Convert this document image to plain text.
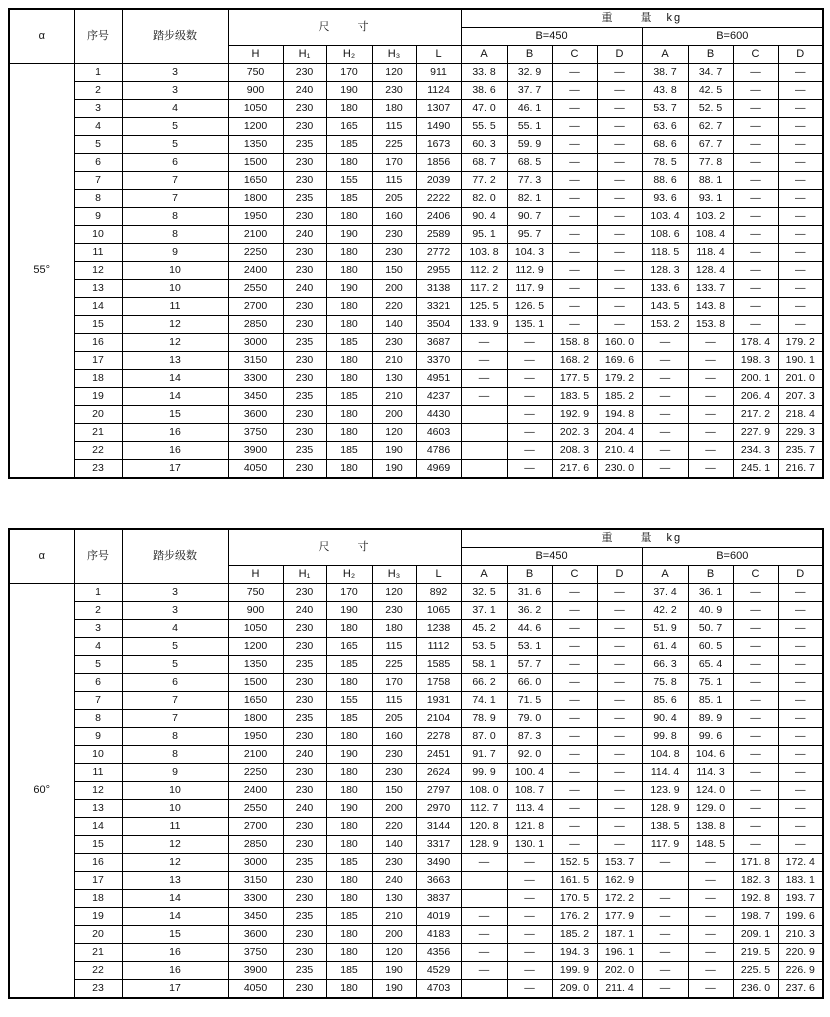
α	序号	踏步级数	尺　　寸					重　　量　kg							
								B=450				B=600			
			H	H₁	H₂	H₃	L	A	B	C	D	A	B	C	D
55°	1	3	750	230	170	120	911	33. 8	32. 9	—	—	38. 7	34. 7	—	—
	2	3	900	240	190	230	1124	38. 6	37. 7	—	—	43. 8	42. 5	—	—
	3	4	1050	230	180	180	1307	47. 0	46. 1	—	—	53. 7	52. 5	—	—
	4	5	1200	230	165	115	1490	55. 5	55. 1	—	—	63. 6	62. 7	—	—
	5	5	1350	235	185	225	1673	60. 3	59. 9	—	—	68. 6	67. 7	—	—
	6	6	1500	230	180	170	1856	68. 7	68. 5	—	—	78. 5	77. 8	—	—
	7	7	1650	230	155	115	2039	77. 2	77. 3	—	—	88. 6	88. 1	—	—
	8	7	1800	235	185	205	2222	82. 0	82. 1	—	—	93. 6	93. 1	—	—
	9	8	1950	230	180	160	2406	90. 4	90. 7	—	—	103. 4	103. 2	—	—
	10	8	2100	240	190	230	2589	95. 1	95. 7	—	—	108. 6	108. 4	—	—
	11	9	2250	230	180	230	2772	103. 8	104. 3	—	—	118. 5	118. 4	—	—
	12	10	2400	230	180	150	2955	112. 2	112. 9	—	—	128. 3	128. 4	—	—
	13	10	2550	240	190	200	3138	117. 2	117. 9	—	—	133. 6	133. 7	—	—
	14	11	2700	230	180	220	3321	125. 5	126. 5	—	—	143. 5	143. 8	—	—
	15	12	2850	230	180	140	3504	133. 9	135. 1	—	—	153. 2	153. 8	—	—
	16	12	3000	235	185	230	3687	—	—	158. 8	160. 0	—	—	178. 4	179. 2
	17	13	3150	230	180	210	3370	—	—	168. 2	169. 6	—	—	198. 3	190. 1
	18	14	3300	230	180	130	4951	—	—	177. 5	179. 2	—	—	200. 1	201. 0
	19	14	3450	235	185	210	4237	—	—	183. 5	185. 2	—	—	206. 4	207. 3
	20	15	3600	230	180	200	4430		—	192. 9	194. 8	—	—	217. 2	218. 4
	21	16	3750	230	180	120	4603		—	202. 3	204. 4	—	—	227. 9	229. 3
	22	16	3900	235	185	190	4786		—	208. 3	210. 4	—	—	234. 3	235. 7
	23	17	4050	230	180	190	4969		—	217. 6	230. 0	—	—	245. 1	216. 7
α	序号	踏步级数	尺　　寸					重　　量　kg							
								B=450				B=600			
			H	H₁	H₂	H₃	L	A	B	C	D	A	B	C	D
60°	1	3	750	230	170	120	892	32. 5	31. 6	—	—	37. 4	36. 1	—	—
	2	3	900	240	190	230	1065	37. 1	36. 2	—	—	42. 2	40. 9	—	—
	3	4	1050	230	180	180	1238	45. 2	44. 6	—	—	51. 9	50. 7	—	—
	4	5	1200	230	165	115	1112	53. 5	53. 1	—	—	61. 4	60. 5	—	—
	5	5	1350	235	185	225	1585	58. 1	57. 7	—	—	66. 3	65. 4	—	—
	6	6	1500	230	180	170	1758	66. 2	66. 0	—	—	75. 8	75. 1	—	—
	7	7	1650	230	155	115	1931	74. 1	71. 5	—	—	85. 6	85. 1	—	—
	8	7	1800	235	185	205	2104	78. 9	79. 0	—	—	90. 4	89. 9	—	—
	9	8	1950	230	180	160	2278	87. 0	87. 3	—	—	99. 8	99. 6	—	—
	10	8	2100	240	190	230	2451	91. 7	92. 0	—	—	104. 8	104. 6	—	—
	11	9	2250	230	180	230	2624	99. 9	100. 4	—	—	114. 4	114. 3	—	—
	12	10	2400	230	180	150	2797	108. 0	108. 7	—	—	123. 9	124. 0	—	—
	13	10	2550	240	190	200	2970	112. 7	113. 4	—	—	128. 9	129. 0	—	—
	14	11	2700	230	180	220	3144	120. 8	121. 8	—	—	138. 5	138. 8	—	—
	15	12	2850	230	180	140	3317	128. 9	130. 1	—	—	117. 9	148. 5	—	—
	16	12	3000	235	185	230	3490	—	—	152. 5	153. 7	—	—	171. 8	172. 4
	17	13	3150	230	180	240	3663		—	161. 5	162. 9		—	182. 3	183. 1
	18	14	3300	230	180	130	3837		—	170. 5	172. 2	—	—	192. 8	193. 7
	19	14	3450	235	185	210	4019	—	—	176. 2	177. 9	—	—	198. 7	199. 6
	20	15	3600	230	180	200	4183	—	—	185. 2	187. 1	—	—	209. 1	210. 3
	21	16	3750	230	180	120	4356	—	—	194. 3	196. 1	—	—	219. 5	220. 9
	22	16	3900	235	185	190	4529	—	—	199. 9	202. 0	—	—	225. 5	226. 9
	23	17	4050	230	180	190	4703		—	209. 0	211. 4	—	—	236. 0	237. 6
